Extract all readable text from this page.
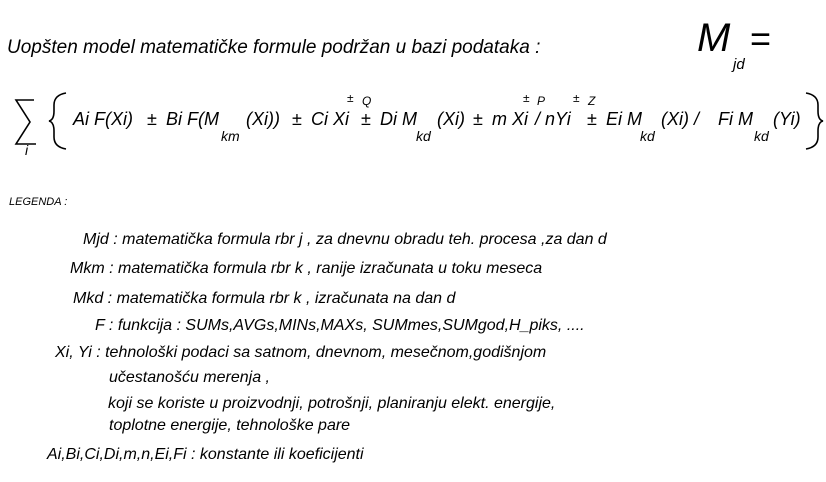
Uopšten model matematičke formule podržan u bazi podataka :	M
jd
=
i
Ai F(Xi) ± Bi F(M
km
(Xi)) ± Ci Xi
± Q
± Di M
kd
(Xi) ± m Xi
± P
/ nYi
± Z
± Ei M
kd
(Xi) / Fi M
kd
(Yi)
LEGENDA :
Mjd : matematička formula rbr j , za dnevnu obradu teh. procesa ,za dan d
Mkm : matematička formula rbr k , ranije izračunata u toku meseca
Mkd : matematička formula rbr k , izračunata na dan d
F : funkcija : SUMs,AVGs,MINs,MAXs, SUMmes,SUMgod,H_piks, ....
Xi, Yi : tehnološki podaci sa satnom, dnevnom, mesečnom,godišnjom
učestanošću merenja ,
koji se koriste u proizvodnji, potrošnji, planiranju elekt. energije,
toplotne energije, tehnološke pare
Ai,Bi,Ci,Di,m,n,Ei,Fi : konstante ili koeficijenti
